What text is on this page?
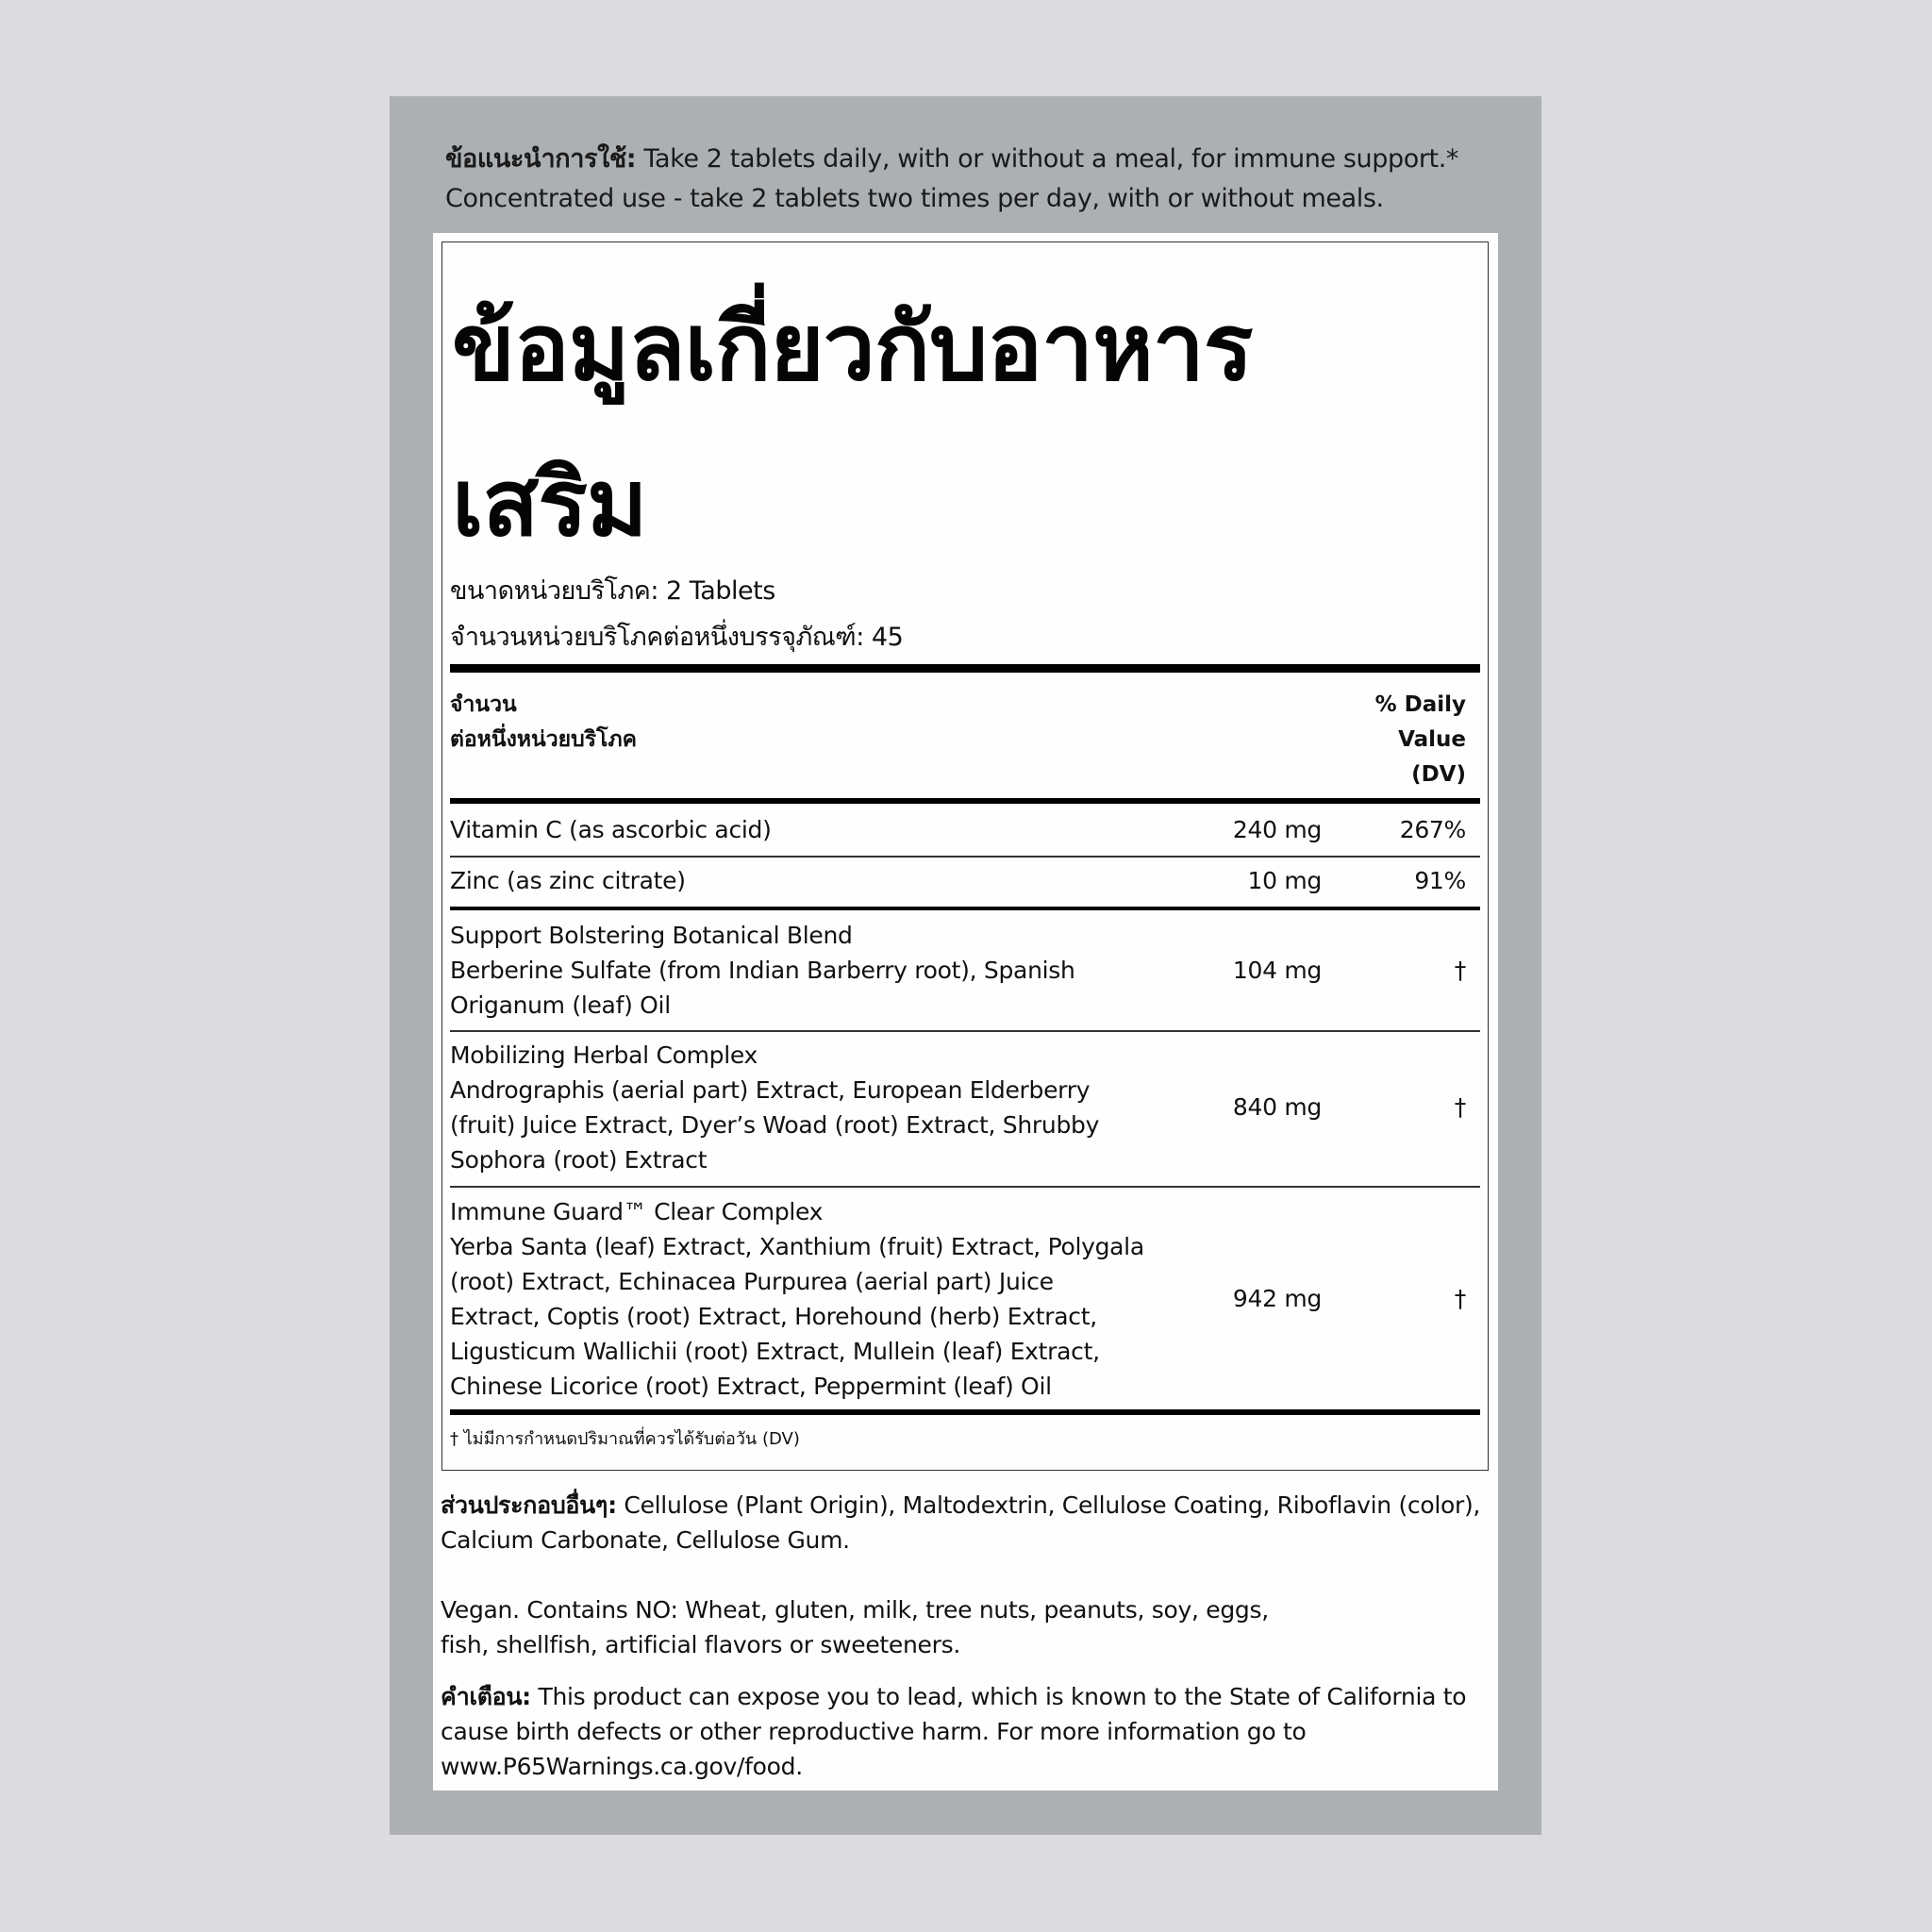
ข้อแนะนำการใช้: Take 2 tablets daily, with or without a meal, for immune support.*
Concentrated use - take 2 tablets two times per day, with or without meals.
ข้อมูลเกี่ยวกับอาหาร
เสริม
ขนาดหน่วยบริโภค: 2 Tablets
จำนวนหน่วยบริโภคต่อหนึ่งบรรจุภัณฑ์: 45
จำนวน
ต่อหนึ่งหน่วยบริโภค
% Daily
Value
(DV)
Vitamin C (as ascorbic acid)	240 mg	267%
Zinc (as zinc citrate)	10 mg	91%
Support Bolstering Botanical Blend
Berberine Sulfate (from Indian Barberry root), Spanish Origanum (leaf) Oil
104 mg	†
Mobilizing Herbal Complex
Andrographis (aerial part) Extract, European Elderberry (fruit) Juice Extract, Dyer’s Woad (root) Extract, Shrubby Sophora (root) Extract
840 mg	†
Immune Guard™ Clear Complex
Yerba Santa (leaf) Extract, Xanthium (fruit) Extract, Polygala (root) Extract, Echinacea Purpurea (aerial part) Juice Extract, Coptis (root) Extract, Horehound (herb) Extract, Ligusticum Wallichii (root) Extract, Mullein (leaf) Extract, Chinese Licorice (root) Extract, Peppermint (leaf) Oil
942 mg	†
† ไม่มีการกำหนดปริมาณที่ควรได้รับต่อวัน (DV)
ส่วนประกอบอื่นๆ: Cellulose (Plant Origin), Maltodextrin, Cellulose Coating, Riboflavin (color), Calcium Carbonate, Cellulose Gum.
Vegan. Contains NO: Wheat, gluten, milk, tree nuts, peanuts, soy, eggs, fish, shellfish, artificial flavors or sweeteners.
คำเตือน: This product can expose you to lead, which is known to the State of California to cause birth defects or other reproductive harm. For more information go to www.P65Warnings.ca.gov/food.
